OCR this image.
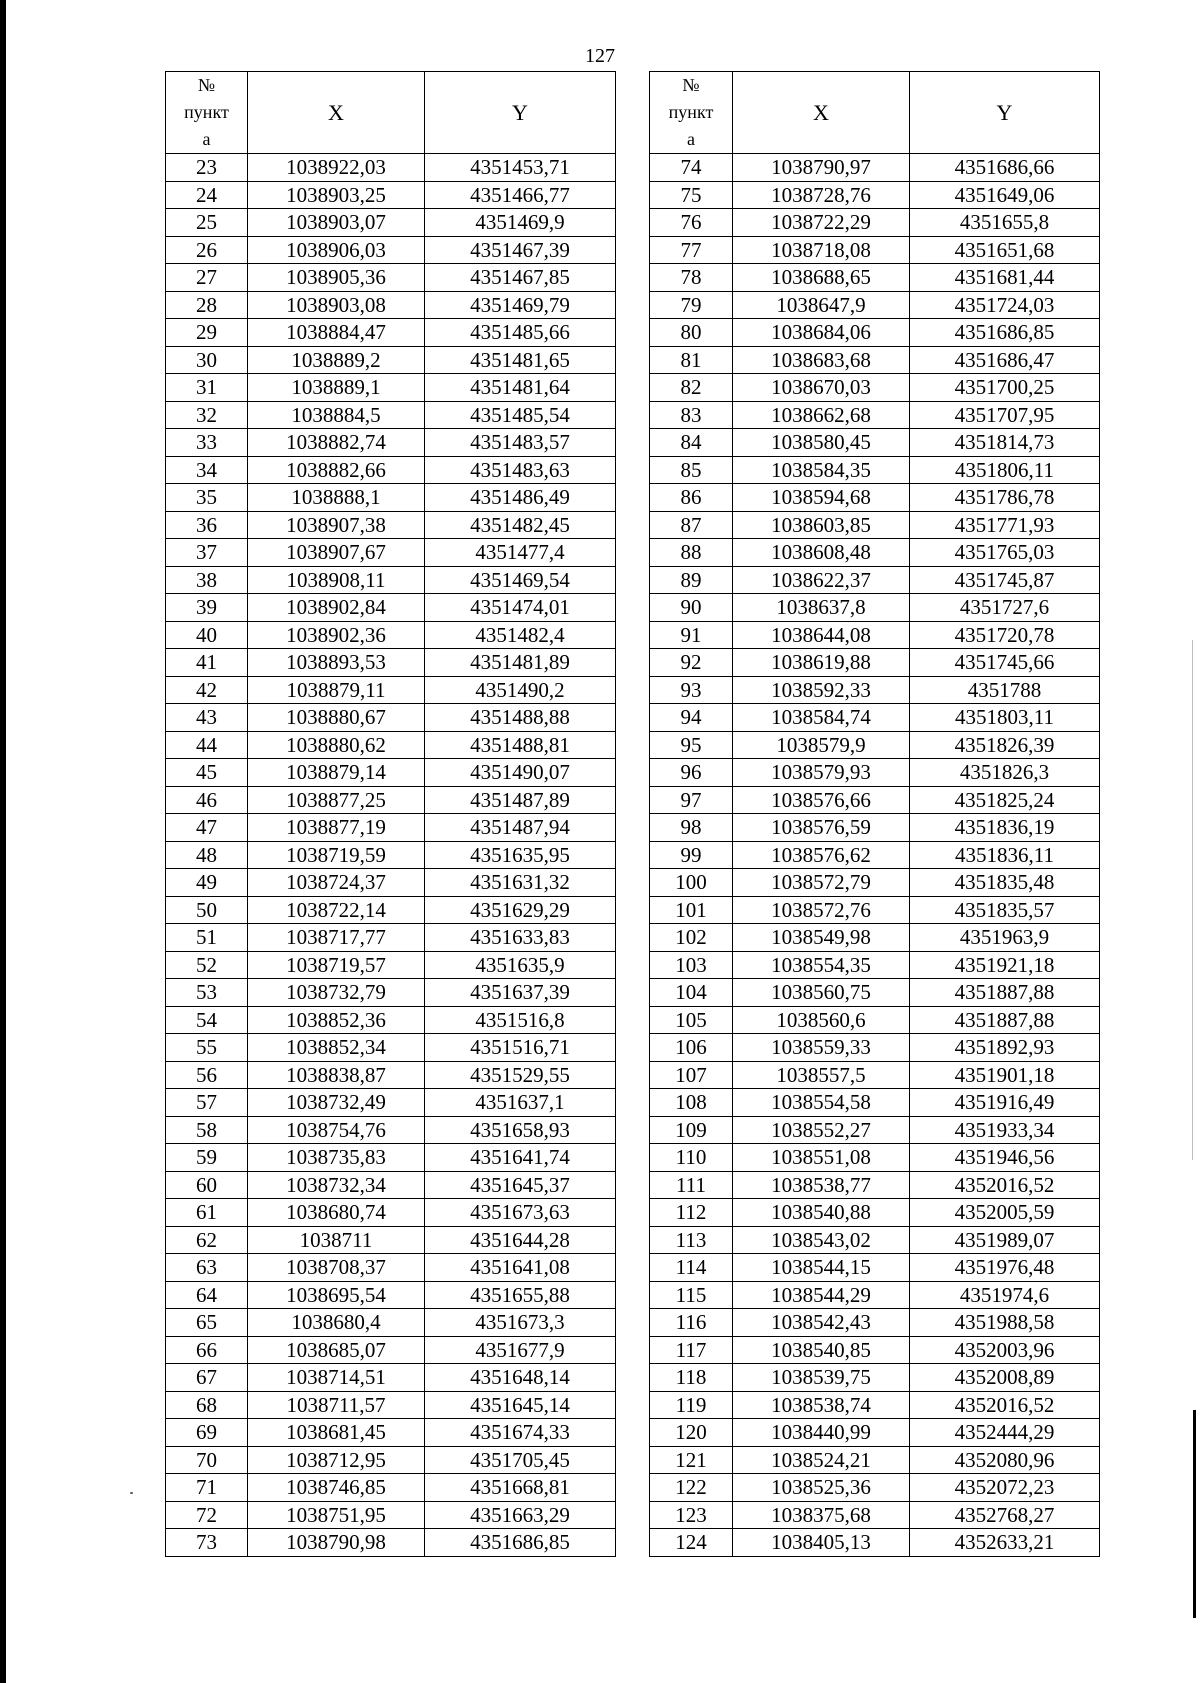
127
№
пункт
а	X	Y
23	1038922,03	4351453,71
24	1038903,25	4351466,77
25	1038903,07	4351469,9
26	1038906,03	4351467,39
27	1038905,36	4351467,85
28	1038903,08	4351469,79
29	1038884,47	4351485,66
30	1038889,2	4351481,65
31	1038889,1	4351481,64
32	1038884,5	4351485,54
33	1038882,74	4351483,57
34	1038882,66	4351483,63
35	1038888,1	4351486,49
36	1038907,38	4351482,45
37	1038907,67	4351477,4
38	1038908,11	4351469,54
39	1038902,84	4351474,01
40	1038902,36	4351482,4
41	1038893,53	4351481,89
42	1038879,11	4351490,2
43	1038880,67	4351488,88
44	1038880,62	4351488,81
45	1038879,14	4351490,07
46	1038877,25	4351487,89
47	1038877,19	4351487,94
48	1038719,59	4351635,95
49	1038724,37	4351631,32
50	1038722,14	4351629,29
51	1038717,77	4351633,83
52	1038719,57	4351635,9
53	1038732,79	4351637,39
54	1038852,36	4351516,8
55	1038852,34	4351516,71
56	1038838,87	4351529,55
57	1038732,49	4351637,1
58	1038754,76	4351658,93
59	1038735,83	4351641,74
60	1038732,34	4351645,37
61	1038680,74	4351673,63
62	1038711	4351644,28
63	1038708,37	4351641,08
64	1038695,54	4351655,88
65	1038680,4	4351673,3
66	1038685,07	4351677,9
67	1038714,51	4351648,14
68	1038711,57	4351645,14
69	1038681,45	4351674,33
70	1038712,95	4351705,45
71	1038746,85	4351668,81
72	1038751,95	4351663,29
73	1038790,98	4351686,85
№
пункт
а	X	Y
74	1038790,97	4351686,66
75	1038728,76	4351649,06
76	1038722,29	4351655,8
77	1038718,08	4351651,68
78	1038688,65	4351681,44
79	1038647,9	4351724,03
80	1038684,06	4351686,85
81	1038683,68	4351686,47
82	1038670,03	4351700,25
83	1038662,68	4351707,95
84	1038580,45	4351814,73
85	1038584,35	4351806,11
86	1038594,68	4351786,78
87	1038603,85	4351771,93
88	1038608,48	4351765,03
89	1038622,37	4351745,87
90	1038637,8	4351727,6
91	1038644,08	4351720,78
92	1038619,88	4351745,66
93	1038592,33	4351788
94	1038584,74	4351803,11
95	1038579,9	4351826,39
96	1038579,93	4351826,3
97	1038576,66	4351825,24
98	1038576,59	4351836,19
99	1038576,62	4351836,11
100	1038572,79	4351835,48
101	1038572,76	4351835,57
102	1038549,98	4351963,9
103	1038554,35	4351921,18
104	1038560,75	4351887,88
105	1038560,6	4351887,88
106	1038559,33	4351892,93
107	1038557,5	4351901,18
108	1038554,58	4351916,49
109	1038552,27	4351933,34
110	1038551,08	4351946,56
111	1038538,77	4352016,52
112	1038540,88	4352005,59
113	1038543,02	4351989,07
114	1038544,15	4351976,48
115	1038544,29	4351974,6
116	1038542,43	4351988,58
117	1038540,85	4352003,96
118	1038539,75	4352008,89
119	1038538,74	4352016,52
120	1038440,99	4352444,29
121	1038524,21	4352080,96
122	1038525,36	4352072,23
123	1038375,68	4352768,27
124	1038405,13	4352633,21
